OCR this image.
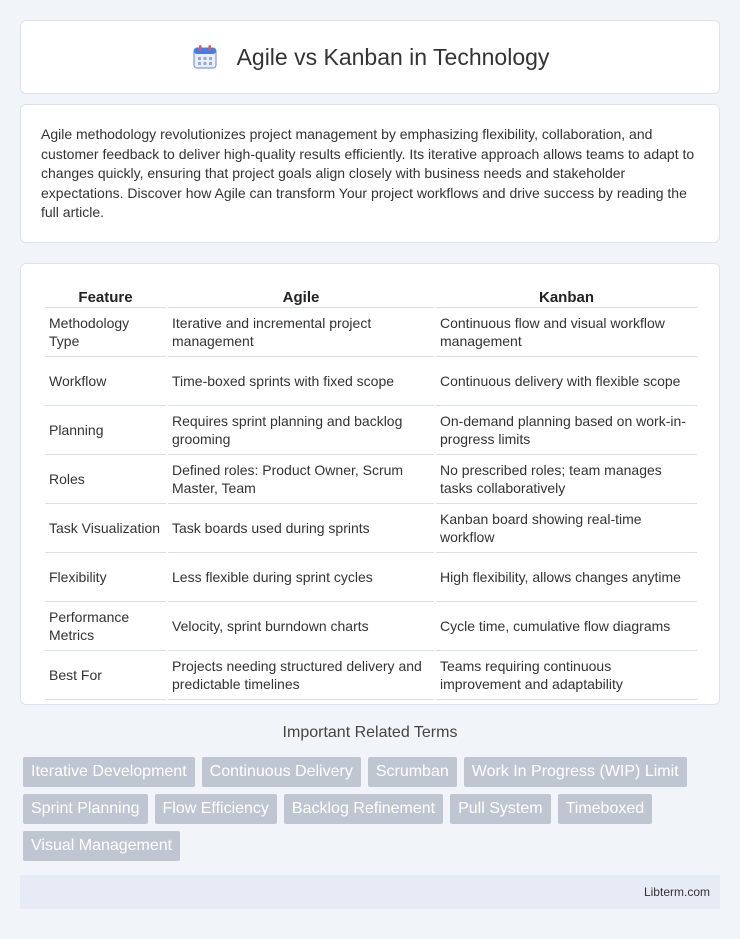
Agile vs Kanban in Technology

Agile methodology revolutionizes project management by emphasizing flexibility, collaboration, and customer feedback to deliver high-quality results efficiently. Its iterative approach allows teams to adapt to changes quickly, ensuring that project goals align closely with business needs and stakeholder expectations. Discover how Agile can transform Your project workflows and drive success by reading the full article.

Feature	Agile	Kanban
Methodology Type	Iterative and incremental project management	Continuous flow and visual workflow management
Workflow	Time-boxed sprints with fixed scope	Continuous delivery with flexible scope
Planning	Requires sprint planning and backlog grooming	On-demand planning based on work-in-progress limits
Roles	Defined roles: Product Owner, Scrum Master, Team	No prescribed roles; team manages tasks collaboratively
Task Visualization	Task boards used during sprints	Kanban board showing real-time workflow
Flexibility	Less flexible during sprint cycles	High flexibility, allows changes anytime
Performance Metrics	Velocity, sprint burndown charts	Cycle time, cumulative flow diagrams
Best For	Projects needing structured delivery and predictable timelines	Teams requiring continuous improvement and adaptability
Important Related Terms
Iterative Development	Continuous Delivery	Scrumban	Work In Progress (WIP) Limit
Sprint Planning	Flow Efficiency	Backlog Refinement	Pull System	Timeboxed
Visual Management
Libterm.com
